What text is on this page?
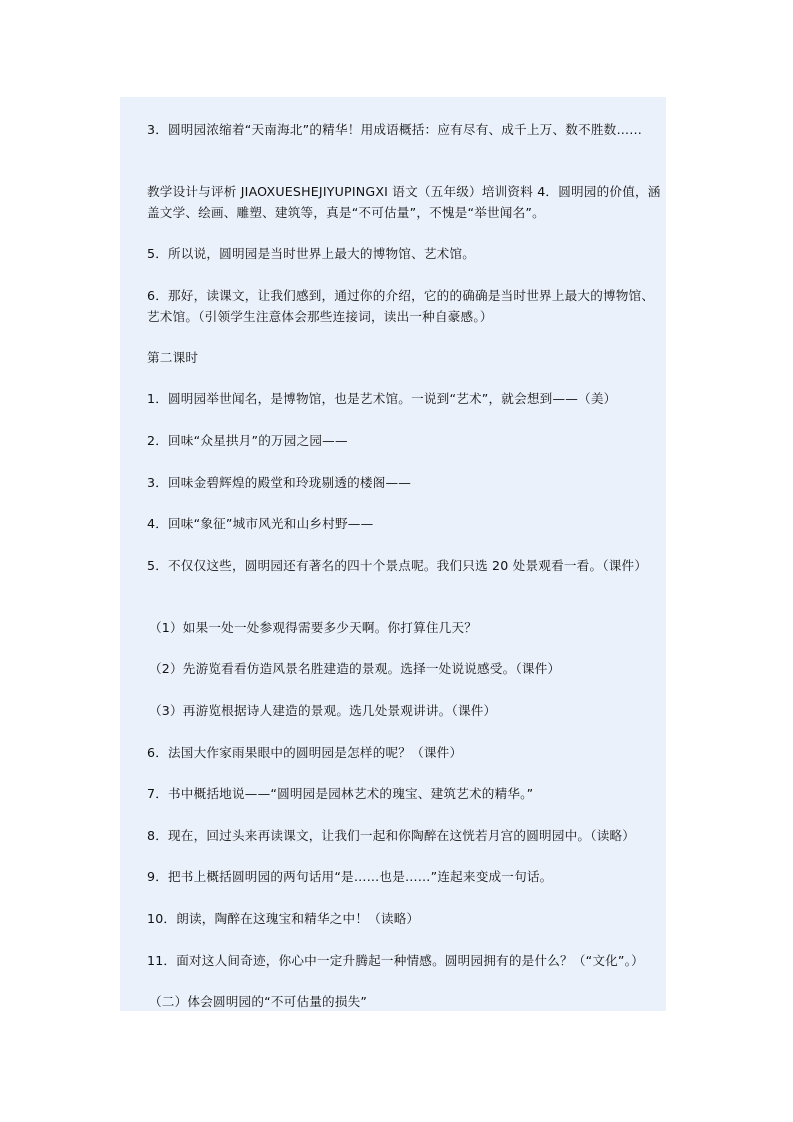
3．圆明园浓缩着“天南海北”的精华！用成语概括：应有尽有、成千上万、数不胜数……
教学设计与评析 JIAOXUESHEJIYUPINGXI 语文（五年级）培训资料 4．圆明园的价值，涵盖文学、绘画、雕塑、建筑等，真是“不可估量”，不愧是“举世闻名”。
5．所以说，圆明园是当时世界上最大的博物馆、艺术馆。
6．那好，读课文，让我们感到，通过你的介绍，它的的确确是当时世界上最大的博物馆、艺术馆。（引领学生注意体会那些连接词，读出一种自豪感。）
第二课时
1．圆明园举世闻名，是博物馆，也是艺术馆。一说到“艺术”，就会想到——（美）
2．回味“众星拱月”的万园之园——
3．回味金碧辉煌的殿堂和玲珑剔透的楼阁——
4．回味“象征”城市风光和山乡村野——
5．不仅仅这些，圆明园还有著名的四十个景点呢。我们只选 20 处景观看一看。（课件）
（1）如果一处一处参观得需要多少天啊。你打算住几天？
（2）先游览看看仿造风景名胜建造的景观。选择一处说说感受。（课件）
（3）再游览根据诗人建造的景观。选几处景观讲讲。（课件）
6．法国大作家雨果眼中的圆明园是怎样的呢？（课件）
7．书中概括地说——“圆明园是园林艺术的瑰宝、建筑艺术的精华。”
8．现在，回过头来再读课文，让我们一起和你陶醉在这恍若月宫的圆明园中。（读略）
9．把书上概括圆明园的两句话用“是……也是……”连起来变成一句话。
10．朗读，陶醉在这瑰宝和精华之中！（读略）
11．面对这人间奇迹，你心中一定升腾起一种情感。圆明园拥有的是什么？（“文化”。）
（二）体会圆明园的“不可估量的损失”
